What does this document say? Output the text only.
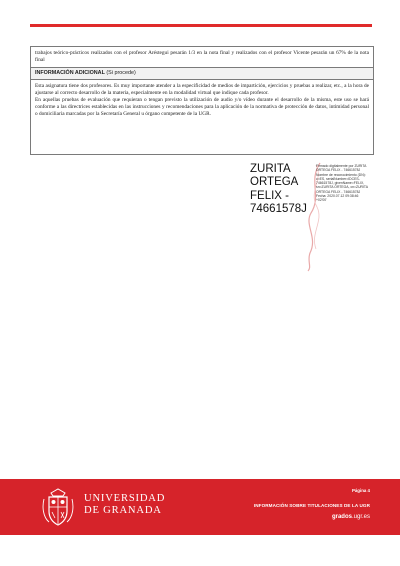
trabajos teórico-prácticos realizados con el profesor Aréstegui pesarán 1/3 en la nota final y realizados con el profesor Vicente pesarán un 67% de la nota final

INFORMACIÓN ADICIONAL (Si procede)

Esta asignatura tiene dos profesores. Es muy importante atender a la especificidad de medios de impartición, ejercicios y pruebas a realizar, etc., a la hora de ajustarse al correcto desarrollo de la materia, especialmente en la modalidad virtual que indique cada profesor.

En aquellas pruebas de evaluación que requieran o tengan previsto la utilización de audio y/o vídeo durante el desarrollo de la misma, este uso se hará conforme a las directrices establecidas en las instrucciones y recomendaciones para la aplicación de la normativa de protección de datos, intimidad personal o domiciliaria marcadas por la Secretaría General u órgano competente de la UGR.

ZURITA
ORTEGA
FELIX -
74661578J
Firmado digitalmente por ZURITA ORTEGA FELIX - 74661578J Nombre de reconocimiento (DN): c=ES, serialNumber=IDCES-74661578J, givenName=FELIX, sn=ZURITA ORTEGA, cn=ZURITA ORTEGA FELIX - 74661578J Fecha: 2020.07.12 09:38:46 +02'00'
UNIVERSIDAD
DE GRANADA
Página 4
INFORMACIÓN SOBRE TITULACIONES DE LA UGR
grados.ugr.es
